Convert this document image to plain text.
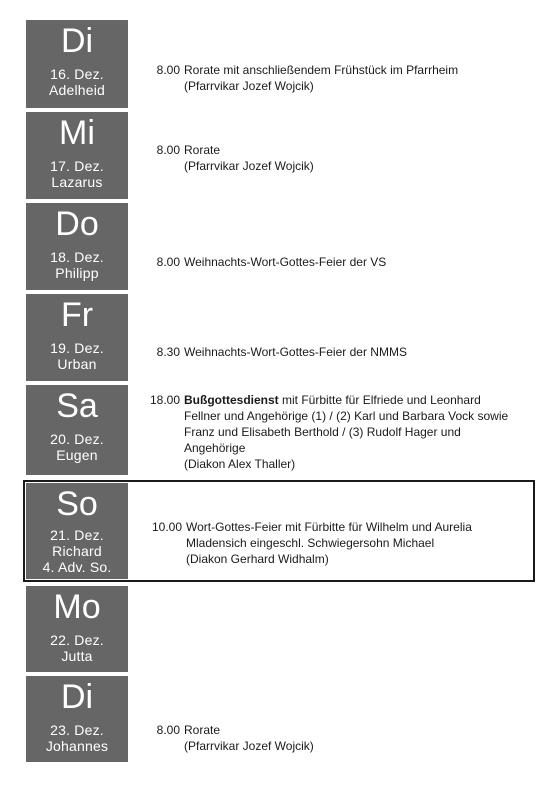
Di
16. Dez.
Adelheid
8.00 Rorate mit anschließendem Frühstück im Pfarrheim
(Pfarrvikar Jozef Wojcik)
Mi
17. Dez.
Lazarus
8.00 Rorate
(Pfarrvikar Jozef Wojcik)
Do
18. Dez.
Philipp
8.00 Weihnachts-Wort-Gottes-Feier der VS
Fr
19. Dez.
Urban
8.30 Weihnachts-Wort-Gottes-Feier der NMMS
Sa
20. Dez.
Eugen
18.00 Bußgottesdienst mit Fürbitte für Elfriede und Leonhard
Fellner und Angehörige (1) / (2) Karl und Barbara Vock sowie
Franz und Elisabeth Berthold / (3) Rudolf Hager und
Angehörige
(Diakon Alex Thaller)
So
21. Dez.
Richard
4. Adv. So.
10.00 Wort-Gottes-Feier mit Fürbitte für Wilhelm und Aurelia
Mladensich eingeschl. Schwiegersohn Michael
(Diakon Gerhard Widhalm)
Mo
22. Dez.
Jutta
Di
23. Dez.
Johannes
8.00 Rorate
(Pfarrvikar Jozef Wojcik)
